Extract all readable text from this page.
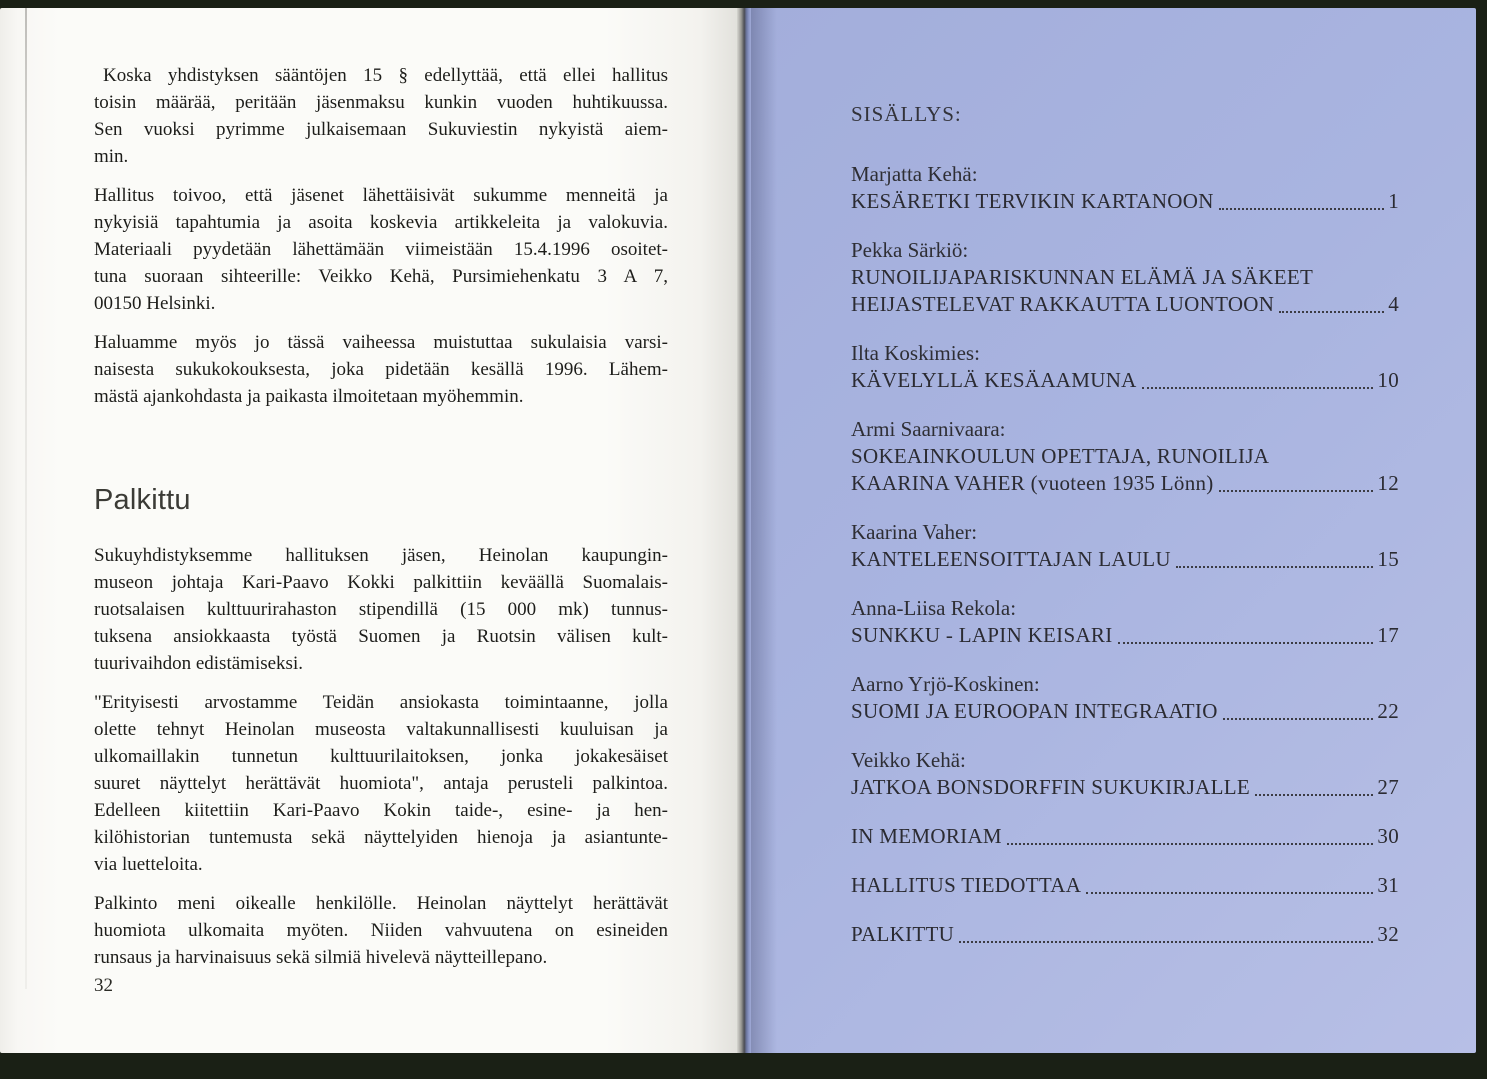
Koska yhdistyksen sääntöjen 15 § edellyttää, että ellei hallitus
toisin määrää, peritään jäsenmaksu kunkin vuoden huhtikuussa.
Sen vuoksi pyrimme julkaisemaan Sukuviestin nykyistä aiem-
min.
Hallitus toivoo, että jäsenet lähettäisivät sukumme menneitä ja
nykyisiä tapahtumia ja asoita koskevia artikkeleita ja valokuvia.
Materiaali pyydetään lähettämään viimeistään 15.4.1996 osoitet-
tuna suoraan sihteerille: Veikko Kehä, Pursimiehenkatu 3 A 7,
00150 Helsinki.
Haluamme myös jo tässä vaiheessa muistuttaa sukulaisia varsi-
naisesta sukukokouksesta, joka pidetään kesällä 1996. Lähem-
mästä ajankohdasta ja paikasta ilmoitetaan myöhemmin.
Palkittu
Sukuyhdistyksemme hallituksen jäsen, Heinolan kaupungin-
museon johtaja Kari-Paavo Kokki palkittiin keväällä Suomalais-
ruotsalaisen kulttuurirahaston stipendillä (15 000 mk) tunnus-
tuksena ansiokkaasta työstä Suomen ja Ruotsin välisen kult-
tuurivaihdon edistämiseksi.
"Erityisesti arvostamme Teidän ansiokasta toimintaanne, jolla
olette tehnyt Heinolan museosta valtakunnallisesti kuuluisan ja
ulkomaillakin tunnetun kulttuurilaitoksen, jonka jokakesäiset
suuret näyttelyt herättävät huomiota", antaja perusteli palkintoa.
Edelleen kiitettiin Kari-Paavo Kokin taide-, esine- ja hen-
kilöhistorian tuntemusta sekä näyttelyiden hienoja ja asiantunte-
via luetteloita.
Palkinto meni oikealle henkilölle. Heinolan näyttelyt herättävät
huomiota ulkomaita myöten. Niiden vahvuutena on esineiden
runsaus ja harvinaisuus sekä silmiä hivelevä näytteillepano.
32
SISÄLLYS:
Marjatta Kehä:
KESÄRETKI TERVIKIN KARTANOON	1
Pekka Särkiö:
RUNOILIJAPARISKUNNAN ELÄMÄ JA SÄKEET
HEIJASTELEVAT RAKKAUTTA LUONTOON	4
Ilta Koskimies:
KÄVELYLLÄ KESÄAAMUNA	10
Armi Saarnivaara:
SOKEAINKOULUN OPETTAJA, RUNOILIJA
KAARINA VAHER (vuoteen 1935 Lönn)	12
Kaarina Vaher:
KANTELEENSOITTAJAN LAULU	15
Anna-Liisa Rekola:
SUNKKU - LAPIN KEISARI	17
Aarno Yrjö-Koskinen:
SUOMI JA EUROOPAN INTEGRAATIO	22
Veikko Kehä:
JATKOA BONSDORFFIN SUKUKIRJALLE	27
IN MEMORIAM	30
HALLITUS TIEDOTTAA	31
PALKITTU	32
